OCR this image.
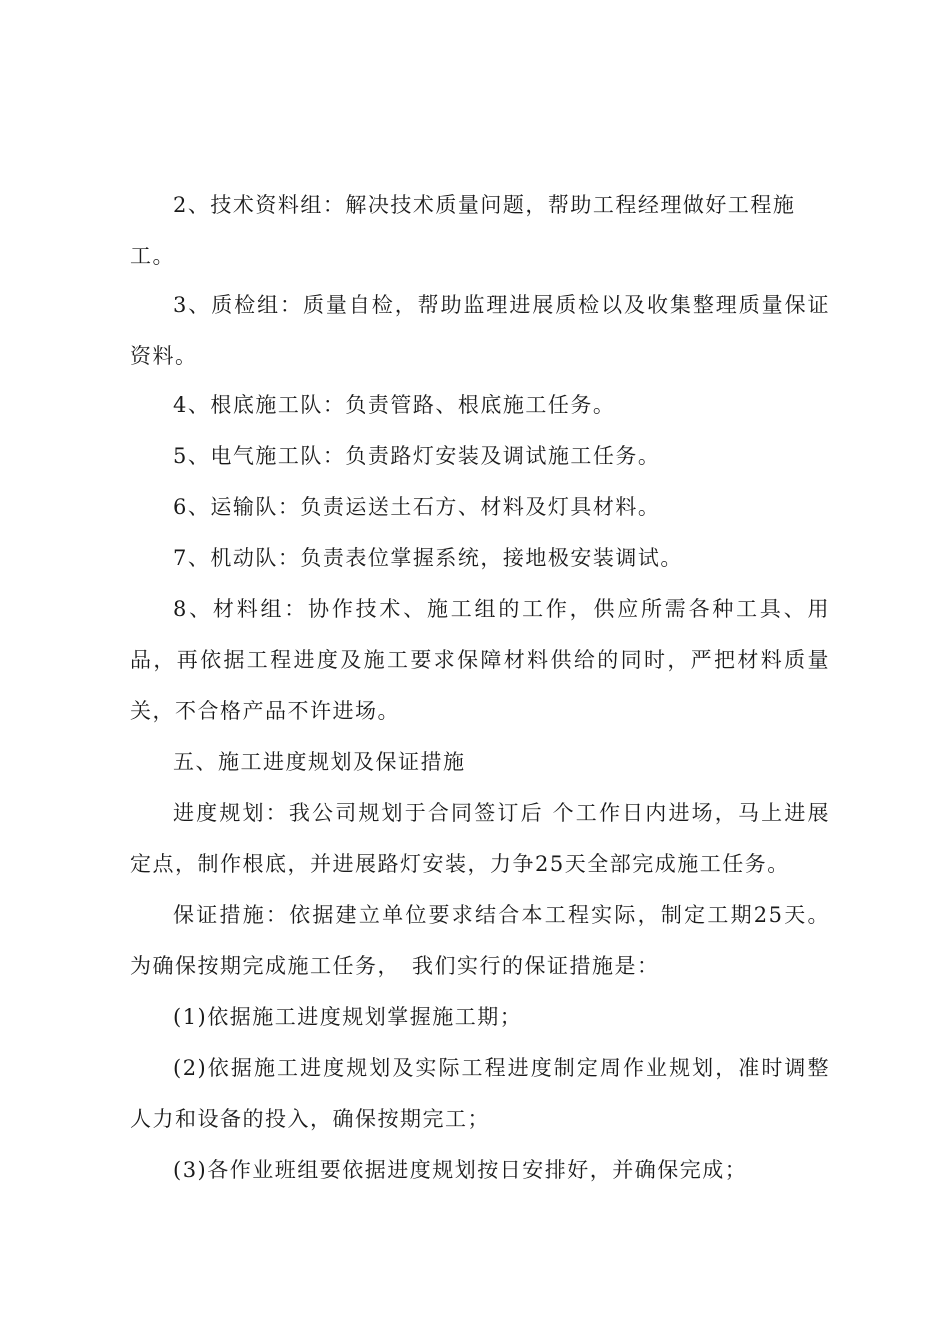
2、技术资料组：解决技术质量问题，帮助工程经理做好工程施工。

3、质检组：质量自检，帮助监理进展质检以及收集整理质量保证资料。

4、根底施工队：负责管路、根底施工任务。

5、电气施工队：负责路灯安装及调试施工任务。

6、运输队：负责运送土石方、材料及灯具材料。

7、机动队：负责表位掌握系统，接地极安装调试。

8、材料组：协作技术、施工组的工作，供应所需各种工具、用品，再依据工程进度及施工要求保障材料供给的同时，严把材料质量关，不合格产品不许进场。

五、施工进度规划及保证措施

进度规划：我公司规划于合同签订后 个工作日内进场，马上进展定点，制作根底，并进展路灯安装，力争25天全部完成施工任务。

保证措施：依据建立单位要求结合本工程实际，制定工期25天。为确保按期完成施工任务，　我们实行的保证措施是：

(1)依据施工进度规划掌握施工期；

(2)依据施工进度规划及实际工程进度制定周作业规划，准时调整人力和设备的投入，确保按期完工；

(3)各作业班组要依据进度规划按日安排好，并确保完成；
